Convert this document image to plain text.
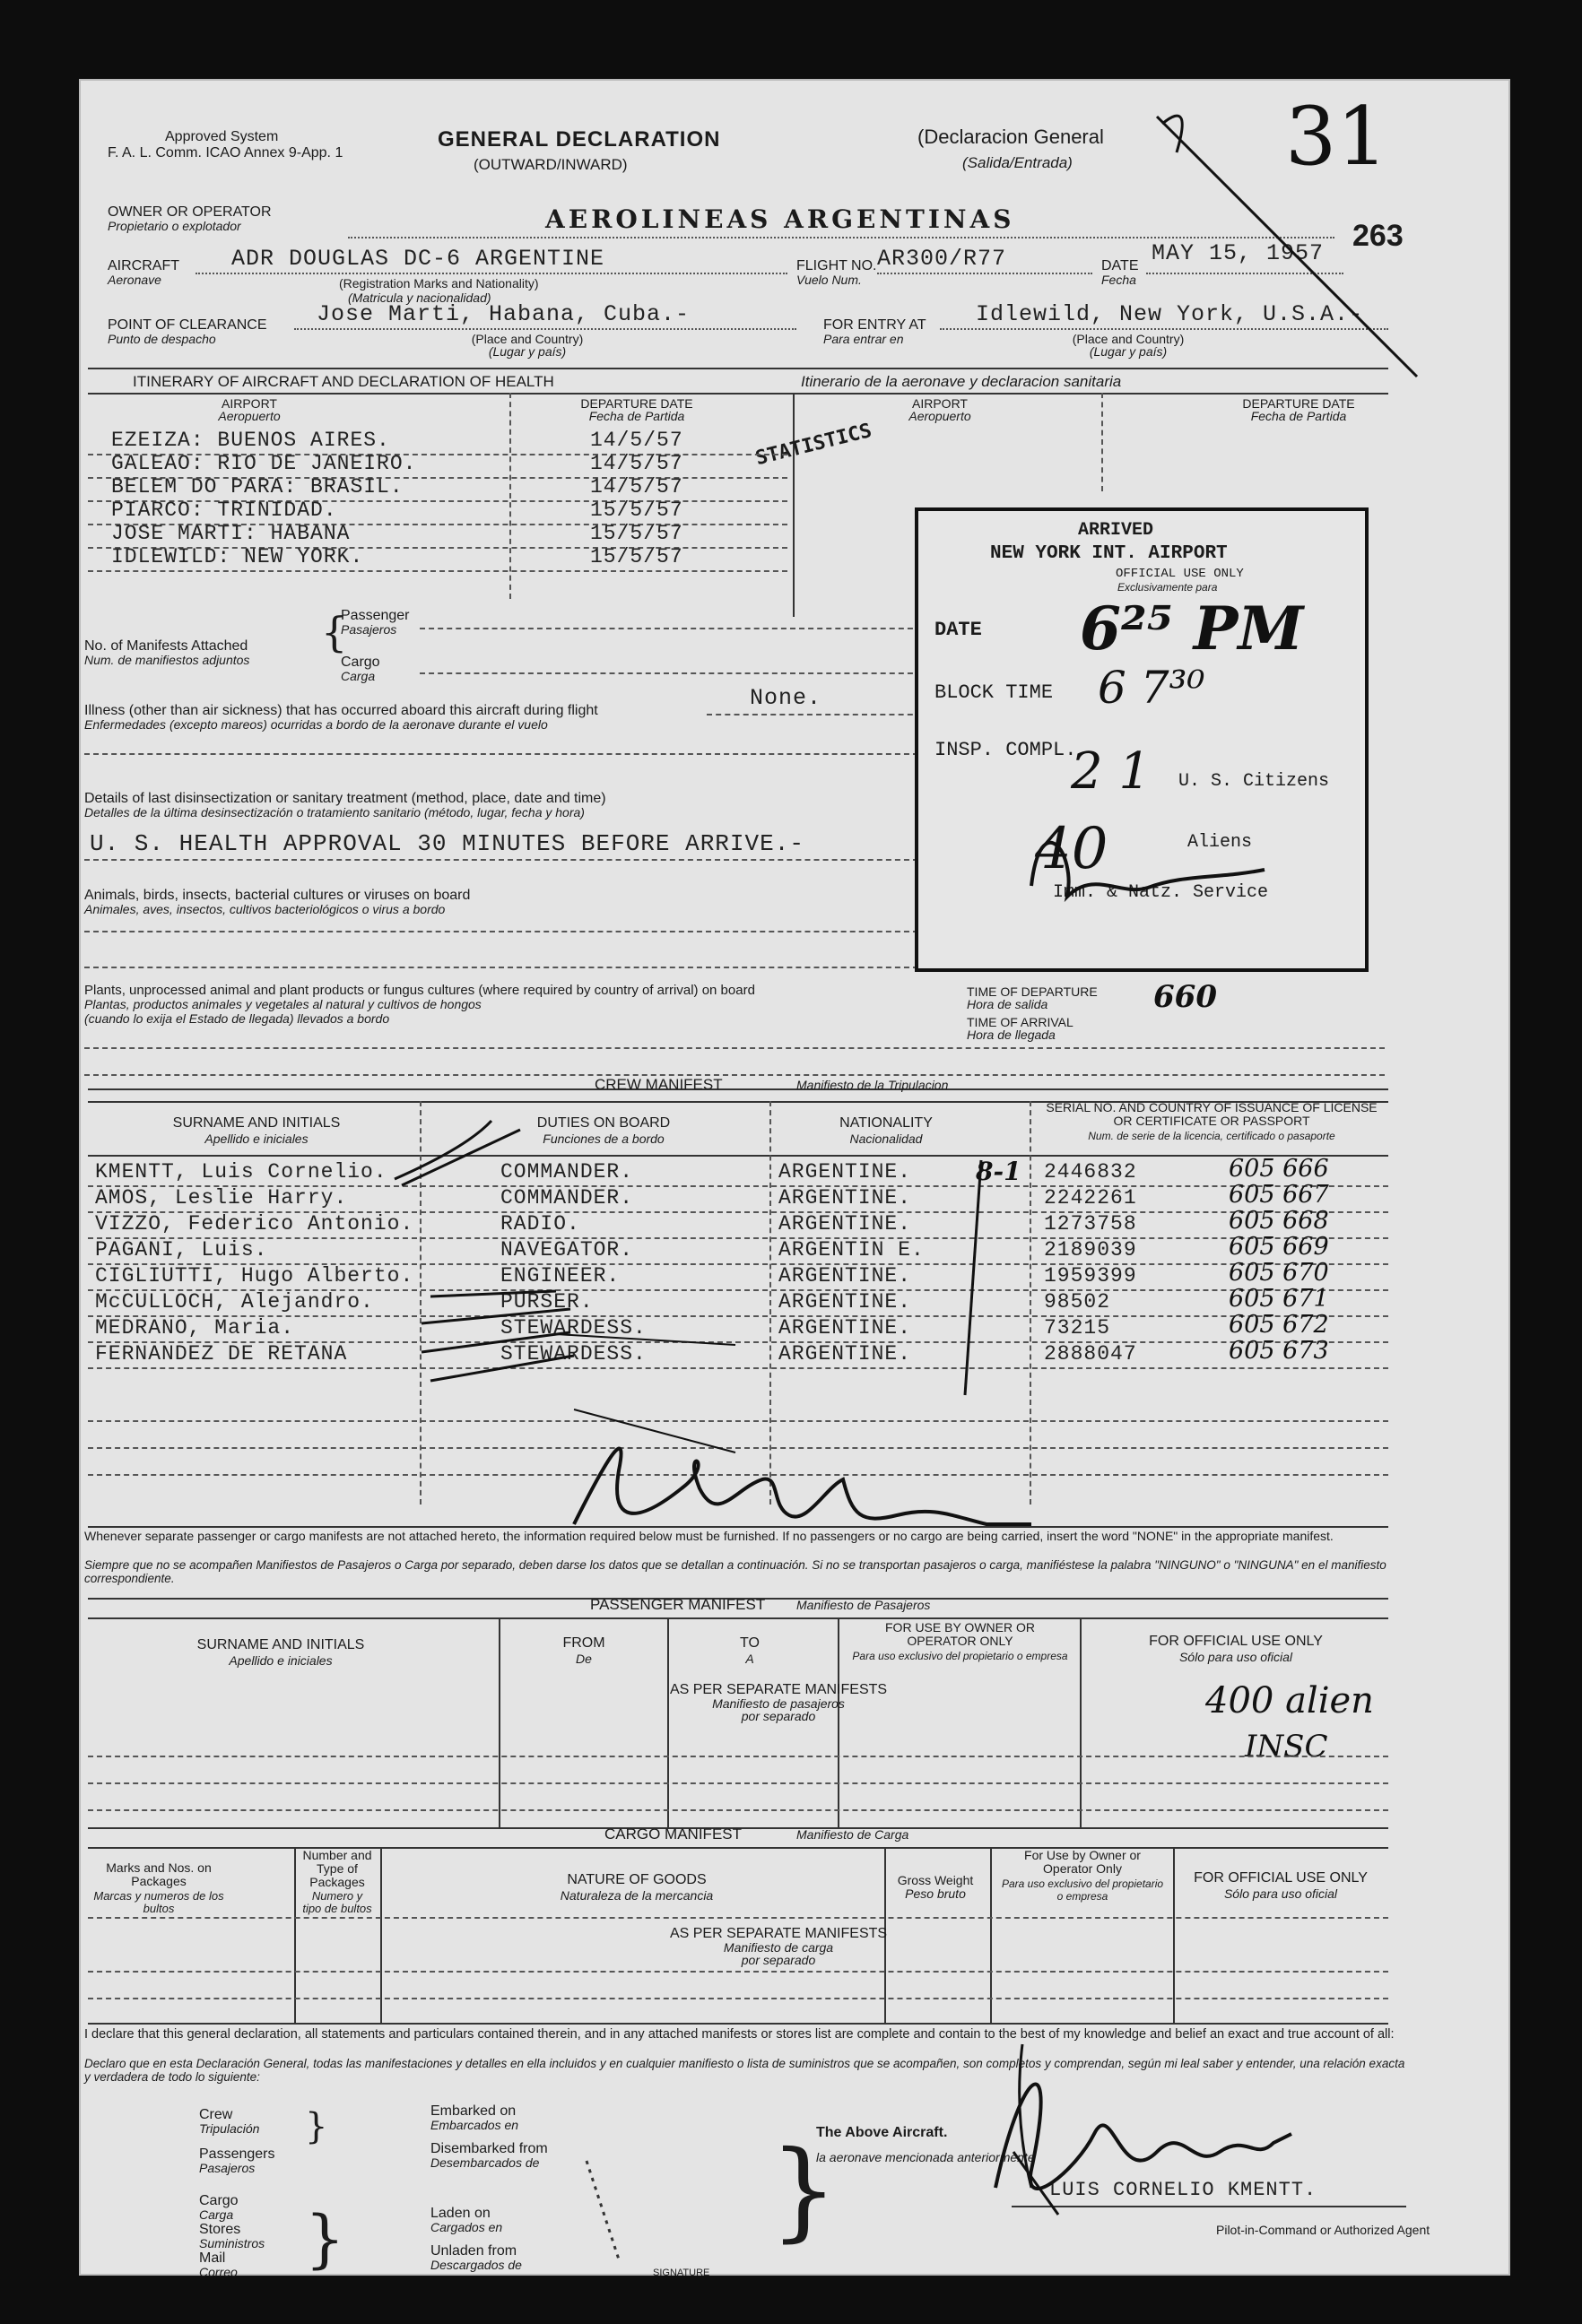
Approved System
F. A. L. Comm. ICAO Annex 9-App. 1
GENERAL DECLARATION
(OUTWARD/INWARD)
(Declaracion General
(Salida/Entrada)	31
263
OWNER OR OPERATOR
Propietario o explotador	AEROLINEAS ARGENTINAS
AIRCRAFT
Aeronave
ADR DOUGLAS DC-6 ARGENTINE
(Registration Marks and Nationality)
(Matricula y nacionalidad)
FLIGHT NO.
Vuelo Num.
AR300/R77	DATE
Fecha
MAY 15, 1957
POINT OF CLEARANCE
Punto de despacho
Jose Marti, Habana, Cuba.-
(Place and Country)
(Lugar y país)
FOR ENTRY AT
Para entrar en
Idlewild, New York, U.S.A.-
(Place and Country)
(Lugar y país)
ITINERARY OF AIRCRAFT AND DECLARATION OF HEALTH	Itinerario de la aeronave y declaracion sanitaria
AIRPORT
Aeropuerto
DEPARTURE DATE
Fecha de Partida
AIRPORT
Aeropuerto
DEPARTURE DATE
Fecha de Partida
STATISTICS
EZEIZA: BUENOS AIRES.	14/5/57
GALEAO: RIO DE JANEIRO.	14/5/57
BELEM DO PARA: BRASIL.	14/5/57
PIARCO: TRINIDAD.	15/5/57
JOSE MARTI: HABANA	15/5/57
IDLEWILD: NEW YORK.	15/5/57
No. of Manifests Attached
Num. de manifiestos adjuntos
Passenger
Pasajeros
Cargo
Carga
{
Illness (other than air sickness) that has occurred aboard this aircraft during flight
Enfermedades (excepto mareos) ocurridas a bordo de la aeronave durante el vuelo
None.
Details of last disinsectization or sanitary treatment (method, place, date and time)
Detalles de la última desinsectización o tratamiento sanitario (método, lugar, fecha y hora)
U. S. HEALTH APPROVAL 30 MINUTES BEFORE ARRIVE.-
Animals, birds, insects, bacterial cultures or viruses on board
Animales, aves, insectos, cultivos bacteriológicos o virus a bordo
Plants, unprocessed animal and plant products or fungus cultures (where required by country of arrival) on board
Plantas, productos animales y vegetales al natural y cultivos de hongos
(cuando lo exija el Estado de llegada) llevados a bordo
TIME OF DEPARTURE
Hora de salida
TIME OF ARRIVAL
Hora de llegada
660
ARRIVED
NEW YORK INT. AIRPORT
OFFICIAL USE ONLY
Exclusivamente para
DATE
BLOCK TIME
INSP. COMPL.
U. S. Citizens
Aliens
Imm. & Natz. Service
6²⁵ PM
6 7³⁰
2 1
40
CREW MANIFEST	Manifiesto de la Tripulacion
SURNAME AND INITIALS
Apellido e iniciales
DUTIES ON BOARD
Funciones de a bordo
NATIONALITY
Nacionalidad
SERIAL NO. AND COUNTRY OF ISSUANCE OF LICENSE OR CERTIFICATE OR PASSPORT
Num. de serie de la licencia, certificado o pasaporte
KMENTT, Luis Cornelio.	COMMANDER.	ARGENTINE.	2446832	605 666
AMOS, Leslie Harry.	COMMANDER.	ARGENTINE.	2242261	605 667
VIZZO, Federico Antonio.	RADIO.	ARGENTINE.	1273758	605 668
PAGANI, Luis.	NAVEGATOR.	ARGENTIN E.	2189039	605 669
CIGLIUTTI, Hugo Alberto.	ENGINEER.	ARGENTINE.	1959399	605 670
McCULLOCH, Alejandro.	PURSER.	ARGENTINE.	98502	605 671
MEDRANO, Maria.	STEWARDESS.	ARGENTINE.	73215	605 672
FERNANDEZ DE RETANA	STEWARDESS.	ARGENTINE.	2888047	605 673
8-1
Whenever separate passenger or cargo manifests are not attached hereto, the information required below must be furnished. If no passengers or no cargo are being carried, insert the word "NONE" in the appropriate manifest.
Siempre que no se acompañen Manifiestos de Pasajeros o Carga por separado, deben darse los datos que se detallan a continuación. Si no se transportan pasajeros o carga, manifiéstese la palabra "NINGUNO" o "NINGUNA" en el manifiesto correspondiente.
PASSENGER MANIFEST Manifiesto de Pasajeros
SURNAME AND INITIALS
Apellido e iniciales
FROM
De
TO
A
FOR USE BY OWNER OR OPERATOR ONLY
Para uso exclusivo del propietario o empresa
FOR OFFICIAL USE ONLY
Sólo para uso oficial
AS PER SEPARATE MANIFESTS
Manifiesto de pasajeros
por separado	400 alien
INSC
CARGO MANIFEST	Manifiesto de Carga
Marks and Nos. on Packages
Marcas y numeros de los bultos
Number and Type of Packages
Numero y tipo de bultos
NATURE OF GOODS
Naturaleza de la mercancia
Gross Weight
Peso bruto
For Use by Owner or Operator Only
Para uso exclusivo del propietario o empresa
FOR OFFICIAL USE ONLY
Sólo para uso oficial
AS PER SEPARATE MANIFESTS
Manifiesto de carga
por separado
I declare that this general declaration, all statements and particulars contained therein, and in any attached manifests or stores list are complete and contain to the best of my knowledge and belief an exact and true account of all:
Declaro que en esta Declaración General, todas las manifestaciones y detalles en ella incluidos y en cualquier manifiesto o lista de suministros que se acompañen, son completos y comprendan, según mi leal saber y entender, una relación exacta y verdadera de todo lo siguiente:
Crew
Tripulación
Passengers
Pasajeros
Cargo
Carga
Stores
Suministros
Mail
Correo
}
}
Embarked on
Embarcados en
Disembarked from
Desembarcados de
Laden on
Cargados en
Unladen from
Descargados de
}
The Above Aircraft.
la aeronave mencionada anteriormente
LUIS CORNELIO KMENTT.
Pilot-in-Command or Authorized Agent
SIGNATURE
